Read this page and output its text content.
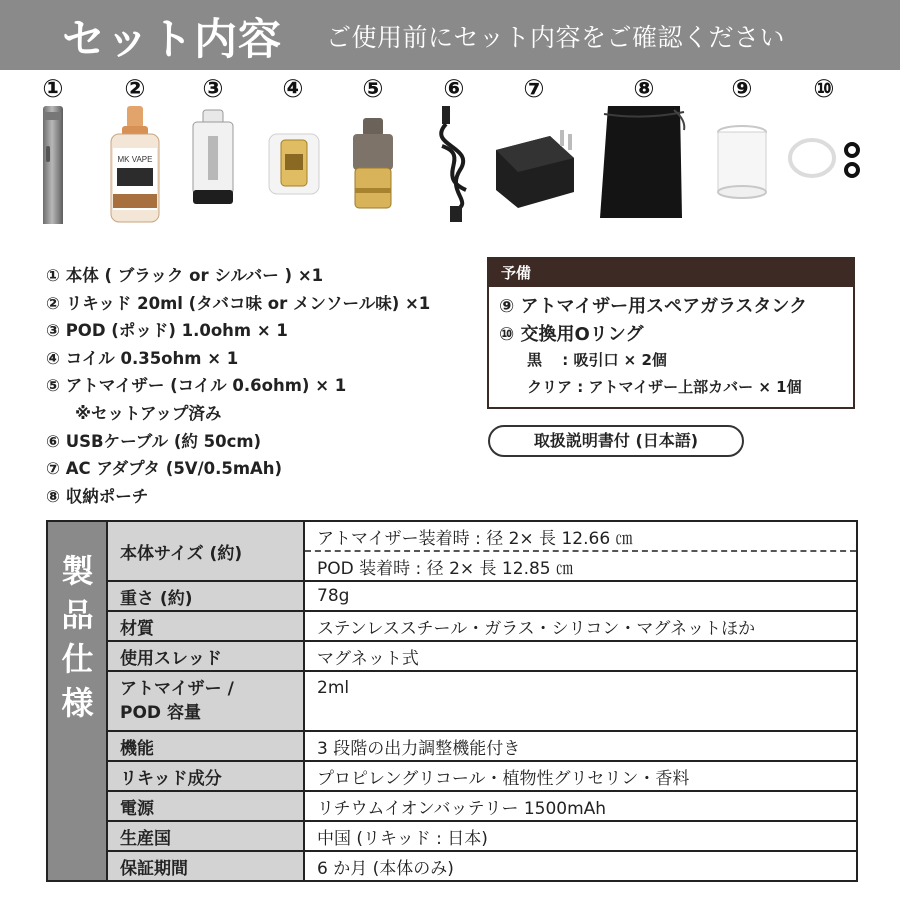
セット内容 ご使用前にセット内容をご確認ください
①	②
MK VAPE
③	④	⑤	⑥	⑦	⑧	⑨	⑩
① 本体 ( ブラック or シルバー ) ×1
② リキッド 20ml (タバコ味 or メンソール味) ×1
③ POD (ポッド) 1.0ohm × 1
④ コイル 0.35ohm × 1
⑤ アトマイザー (コイル 0.6ohm) × 1
※セットアップ済み
⑥ USBケーブル (約 50cm)
⑦ AC アダプタ (5V/0.5mAh)
⑧ 収納ポーチ
予備
⑨ アトマイザー用スペアガラスタンク
⑩ 交換用Oリング
黒　 : 吸引口 × 2個
クリア : アトマイザー上部カバー × 1個
取扱説明書付 (日本語)
製
品
仕
様
本体サイズ (約)	アトマイザー装着時 : 径 2× 長 12.66 ㎝
	POD 装着時 : 径 2× 長 12.85 ㎝
重さ (約)	78g
材質	ステンレススチール・ガラス・シリコン・マグネットほか
使用スレッド	マグネット式

アトマイザー /
POD 容量	2ml
機能	3 段階の出力調整機能付き
リキッド成分	プロピレングリコール・植物性グリセリン・香料
電源	リチウムイオンバッテリー 1500mAh
生産国	中国 (リキッド : 日本)
保証期間	6 か月 (本体のみ)
